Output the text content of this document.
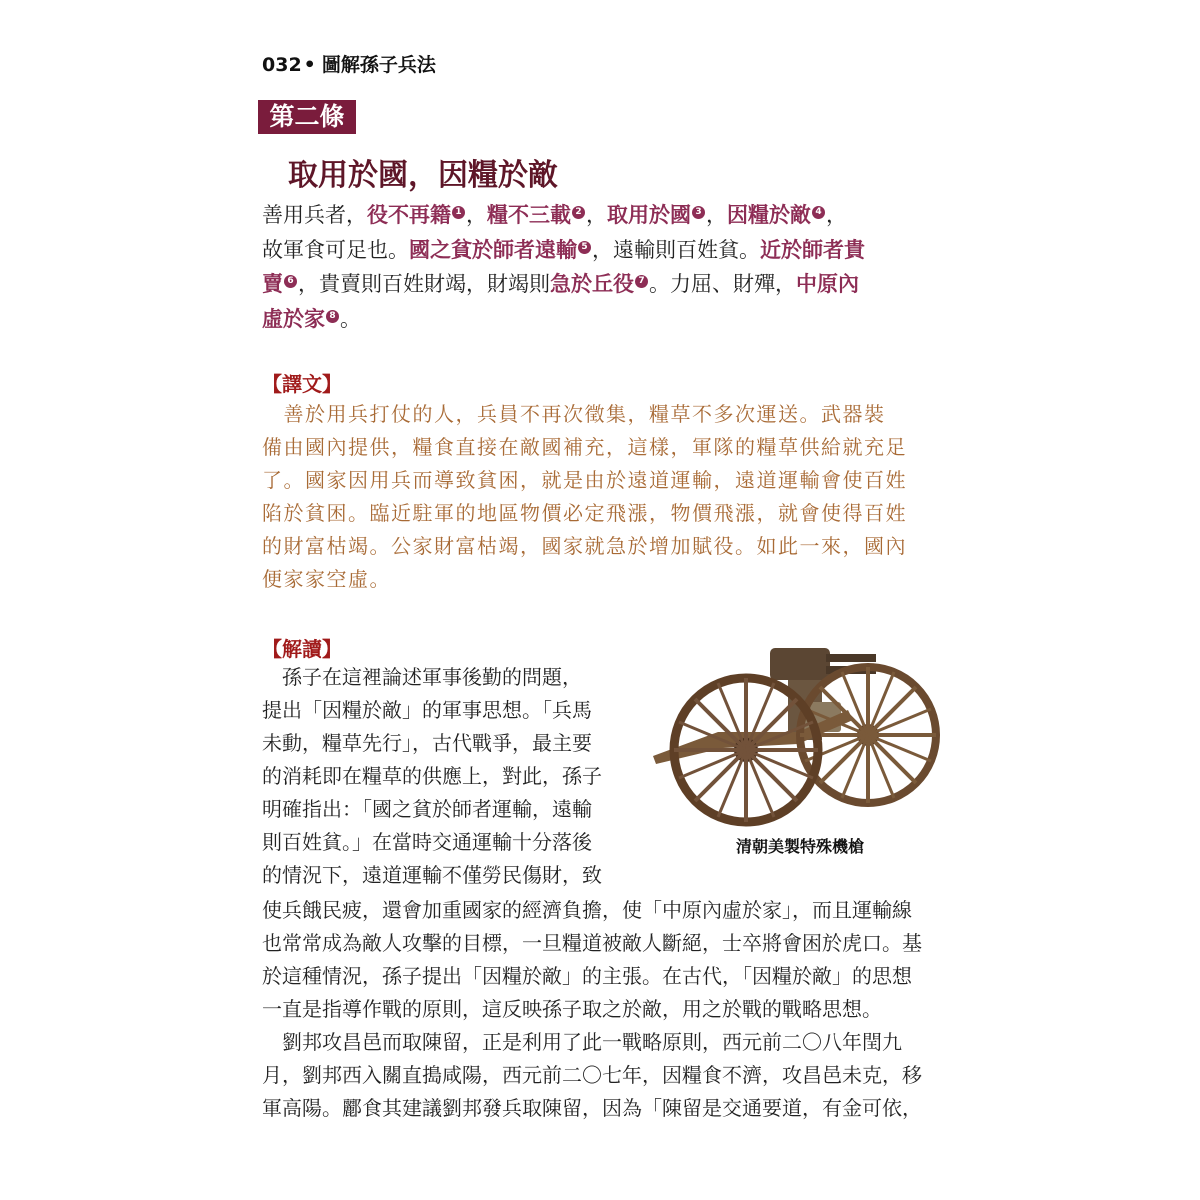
032 • 圖解孫子兵法
第二條
取用於國，因糧於敵
善用兵者，役不再籍 1 ，糧不三載 2 ，取用於國 3 ，因糧於敵 4 ，
故軍食可足也。國之貧於師者遠輸 5 ，遠輸則百姓貧。近於師者貴
賣 6 ，貴賣則百姓財竭，財竭則急於丘役 7 。力屈、財殫，中原內
虛於家 8 。
【譯文】
　善於用兵打仗的人，兵員不再次徵集，糧草不多次運送。武器裝
備由國內提供，糧食直接在敵國補充，這樣，軍隊的糧草供給就充足
了。國家因用兵而導致貧困，就是由於遠道運輸，遠道運輸會使百姓
陷於貧困。臨近駐軍的地區物價必定飛漲，物價飛漲，就會使得百姓
的財富枯竭。公家財富枯竭，國家就急於增加賦役。如此一來，國內
便家家空虛。
【解讀】
　孫子在這裡論述軍事後勤的問題，
提出「因糧於敵」的軍事思想。「兵馬
未動，糧草先行」，古代戰爭，最主要
的消耗即在糧草的供應上，對此，孫子
明確指出：「國之貧於師者運輸，遠輸
則百姓貧。」在當時交通運輸十分落後
的情況下，遠道運輸不僅勞民傷財，致
使兵餓民疲，還會加重國家的經濟負擔，使「中原內虛於家」，而且運輸線
也常常成為敵人攻擊的目標，一旦糧道被敵人斷絕，士卒將會困於虎口。基
於這種情況，孫子提出「因糧於敵」的主張。在古代，「因糧於敵」的思想
一直是指導作戰的原則，這反映孫子取之於敵，用之於戰的戰略思想。
　劉邦攻昌邑而取陳留，正是利用了此一戰略原則，西元前二〇八年閏九
月，劉邦西入關直搗咸陽，西元前二〇七年，因糧食不濟，攻昌邑未克，移
軍高陽。酈食其建議劉邦發兵取陳留，因為「陳留是交通要道，有金可依，
清朝美製特殊機槍
